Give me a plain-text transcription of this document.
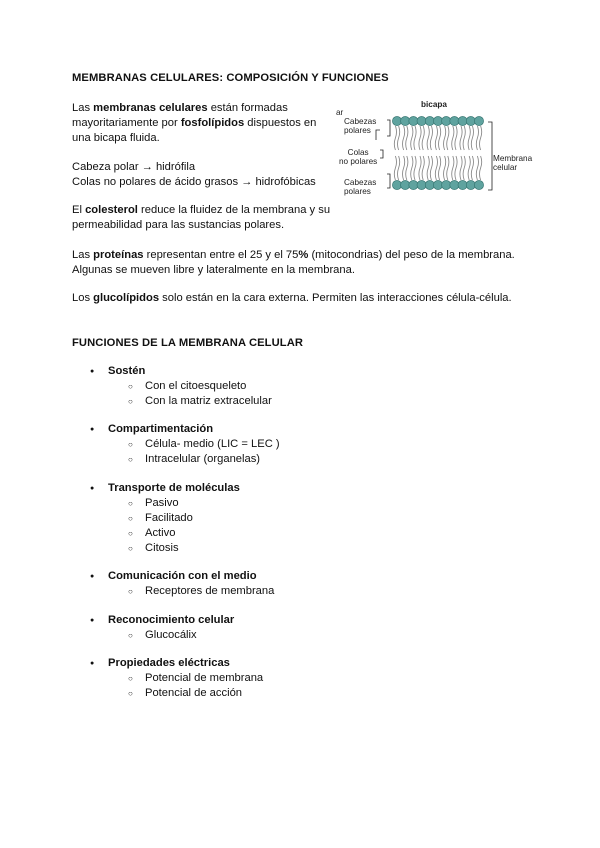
MEMBRANAS CELULARES: COMPOSICIÓN Y FUNCIONES
Las membranas celulares están formadas
mayoritariamente por fosfolípidos dispuestos en
una bicapa fluida.
Cabeza polar → hidrófila
Colas no polares de ácido grasos → hidrofóbicas
El colesterol reduce la fluidez de la membrana y su
permeabilidad para las sustancias polares.
Las proteínas representan entre el 25 y el 75% (mitocondrias) del peso de la membrana.
Algunas se mueven libre y lateralmente en la membrana.
Los glucolípidos solo están en la cara externa. Permiten las interacciones célula-célula.
bicapa
ar
Cabezas
polares
Colas
no polares
Cabezas
polares
Membrana
celular
FUNCIONES DE LA MEMBRANA CELULAR
● Sostén
○ Con el citoesqueleto
○ Con la matriz extracelular
● Compartimentación
○ Célula- medio (LIC = LEC )
○ Intracelular (organelas)
● Transporte de moléculas
○ Pasivo
○ Facilitado
○ Activo
○ Citosis
● Comunicación con el medio
○ Receptores de membrana
● Reconocimiento celular
○ Glucocálix
● Propiedades eléctricas
○ Potencial de membrana
○ Potencial de acción
